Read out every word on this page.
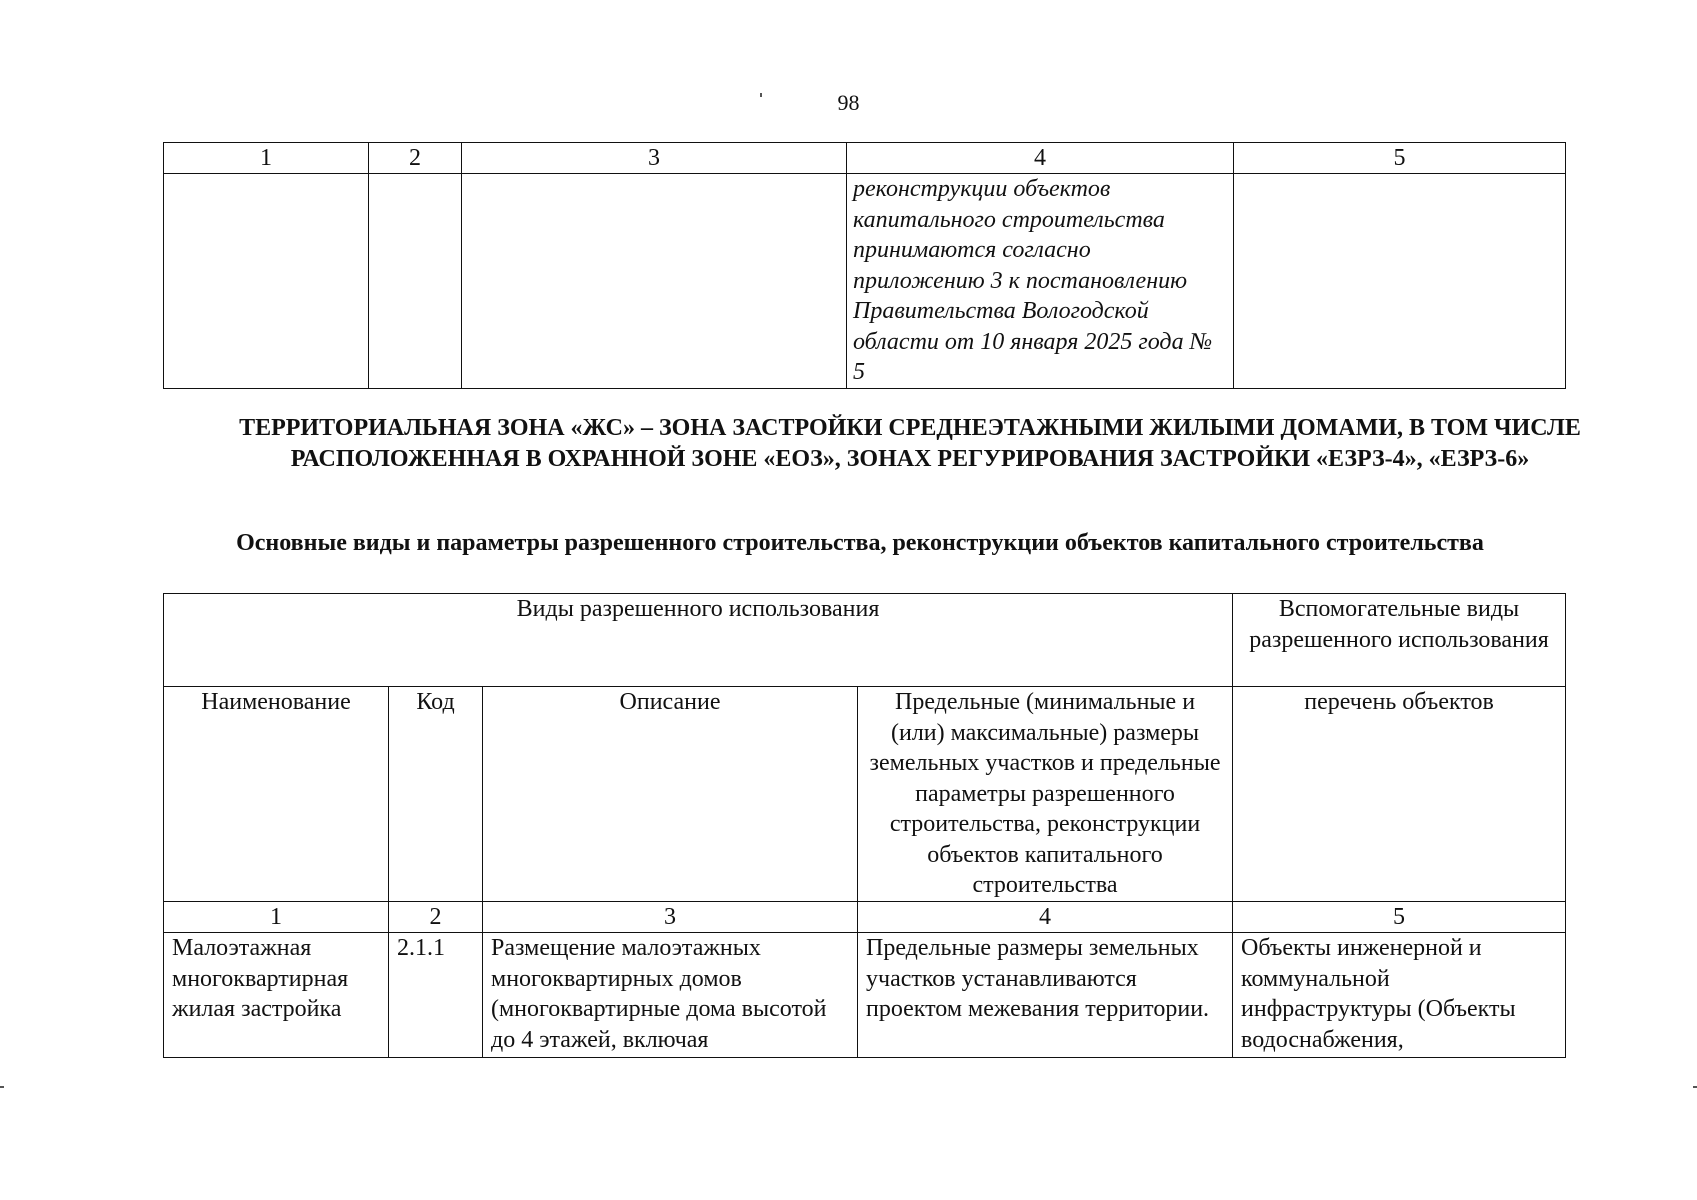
98
1	2	3	4	5
			реконструкции объектов капитального строительства принимаются согласно приложению 3 к постановлению Правительства Вологодской области от 10 января 2025 года № 5	
ТЕРРИТОРИАЛЬНАЯ ЗОНА «ЖС» – ЗОНА ЗАСТРОЙКИ СРЕДНЕЭТАЖНЫМИ ЖИЛЫМИ ДОМАМИ, В ТОМ ЧИСЛЕ РАСПОЛОЖЕННАЯ В ОХРАННОЙ ЗОНЕ «ЕОЗ», ЗОНАХ РЕГУРИРОВАНИЯ ЗАСТРОЙКИ «ЕЗРЗ-4», «ЕЗРЗ-6»
Основные виды и параметры разрешенного строительства, реконструкции объектов капитального строительства
Виды разрешенного использования				Вспомогательные виды разрешенного использования
Наименование	Код	Описание	Предельные (минимальные и (или) максимальные) размеры земельных участков и предельные параметры разрешенного строительства, реконструкции объектов капитального строительства	перечень объектов
1	2	3	4	5
Малоэтажная многоквартирная жилая застройка	2.1.1	Размещение малоэтажных многоквартирных домов (многоквартирные дома высотой до 4 этажей, включая	Предельные размеры земельных участков устанавливаются проектом межевания территории.	Объекты инженерной и коммунальной инфраструктуры (Объекты водоснабжения,
